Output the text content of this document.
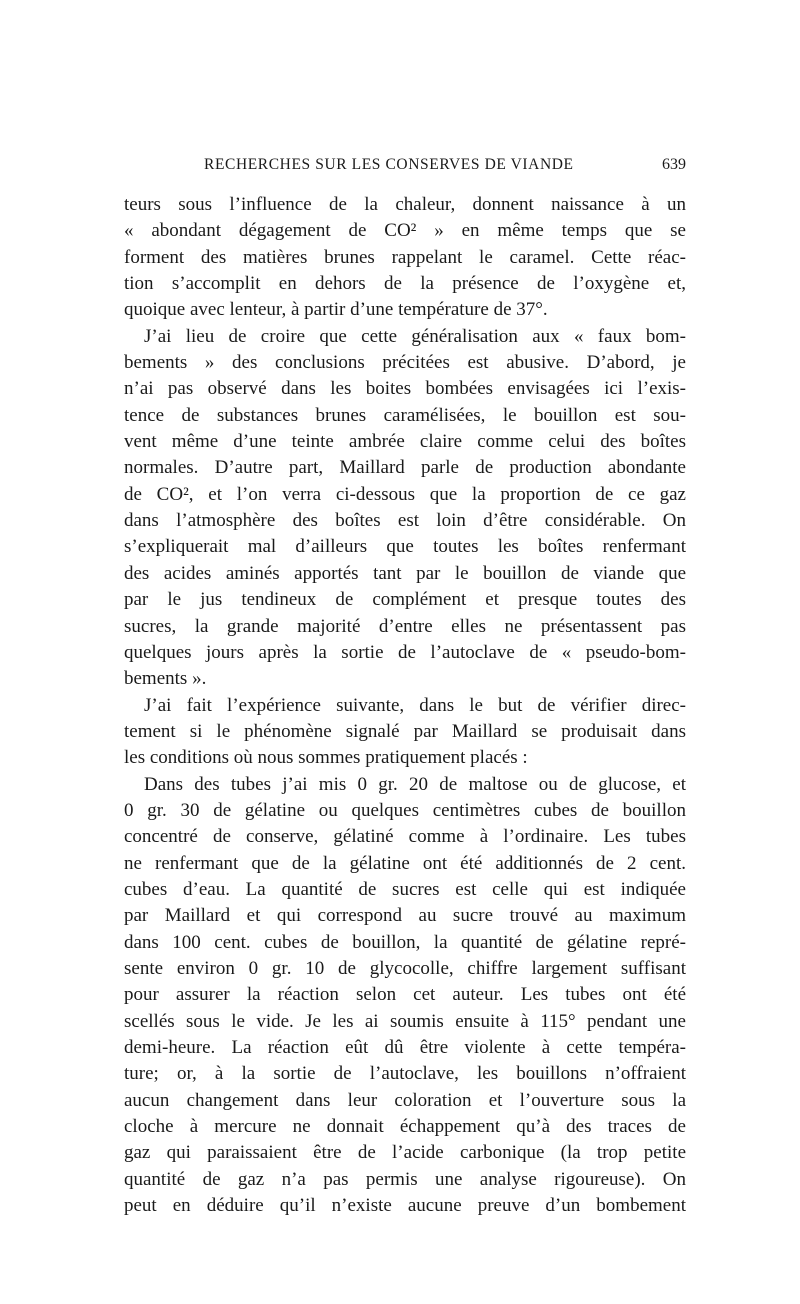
RECHERCHES SUR LES CONSERVES DE VIANDE	639
teurs sous l’influence de la chaleur, donnent naissance à un
« abondant dégagement de CO² » en même temps que se
forment des matières brunes rappelant le caramel. Cette réac-
tion s’accomplit en dehors de la présence de l’oxygène et,
quoique avec lenteur, à partir d’une température de 37°.
J’ai lieu de croire que cette généralisation aux « faux bom-
bements » des conclusions précitées est abusive. D’abord, je
n’ai pas observé dans les boites bombées envisagées ici l’exis-
tence de substances brunes caramélisées, le bouillon est sou-
vent même d’une teinte ambrée claire comme celui des boîtes
normales. D’autre part, Maillard parle de production abondante
de CO², et l’on verra ci-dessous que la proportion de ce gaz
dans l’atmosphère des boîtes est loin d’être considérable. On
s’expliquerait mal d’ailleurs que toutes les boîtes renfermant
des acides aminés apportés tant par le bouillon de viande que
par le jus tendineux de complément et presque toutes des
sucres, la grande majorité d’entre elles ne présentassent pas
quelques jours après la sortie de l’autoclave de « pseudo-bom-
bements ».
J’ai fait l’expérience suivante, dans le but de vérifier direc-
tement si le phénomène signalé par Maillard se produisait dans
les conditions où nous sommes pratiquement placés :
Dans des tubes j’ai mis 0 gr. 20 de maltose ou de glucose, et
0 gr. 30 de gélatine ou quelques centimètres cubes de bouillon
concentré de conserve, gélatiné comme à l’ordinaire. Les tubes
ne renfermant que de la gélatine ont été additionnés de 2 cent.
cubes d’eau. La quantité de sucres est celle qui est indiquée
par Maillard et qui correspond au sucre trouvé au maximum
dans 100 cent. cubes de bouillon, la quantité de gélatine repré-
sente environ 0 gr. 10 de glycocolle, chiffre largement suffisant
pour assurer la réaction selon cet auteur. Les tubes ont été
scellés sous le vide. Je les ai soumis ensuite à 115° pendant une
demi-heure. La réaction eût dû être violente à cette tempéra-
ture; or, à la sortie de l’autoclave, les bouillons n’offraient
aucun changement dans leur coloration et l’ouverture sous la
cloche à mercure ne donnait échappement qu’à des traces de
gaz qui paraissaient être de l’acide carbonique (la trop petite
quantité de gaz n’a pas permis une analyse rigoureuse). On
peut en déduire qu’il n’existe aucune preuve d’un bombement
